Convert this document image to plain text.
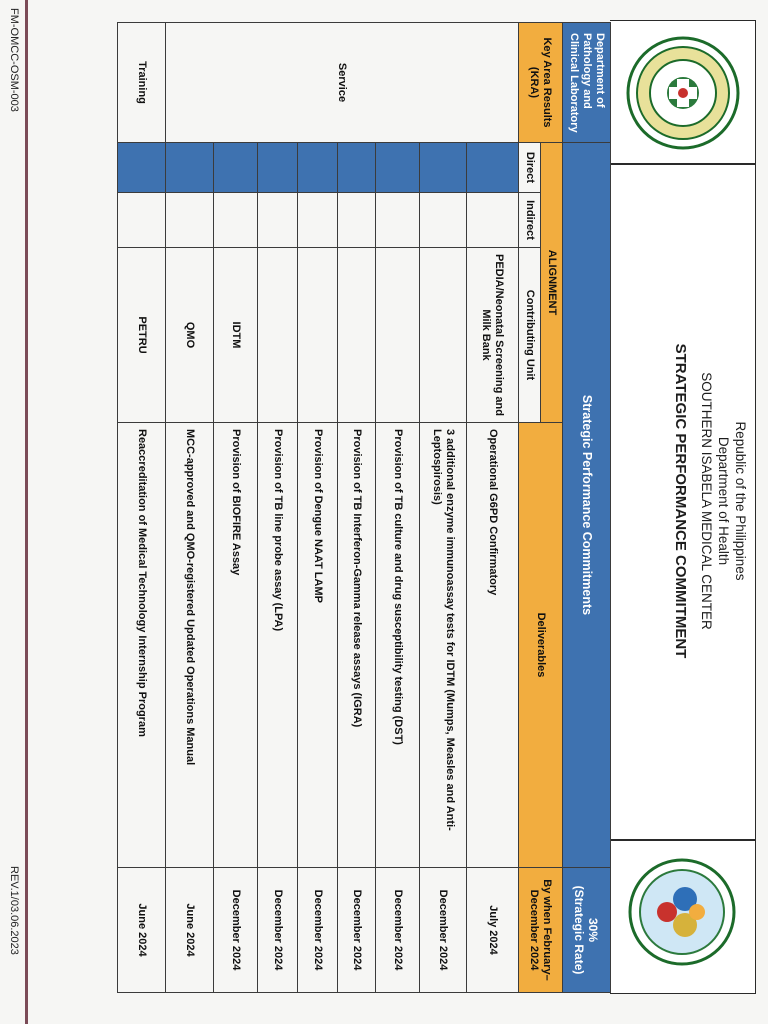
Republic of the Philippines
Department of Health
SOUTHERN ISABELA MEDICAL CENTER
STRATEGIC PERFORMANCE COMMITMENT
Department of Pathology and Clinical Laboratory	Strategic Performance Commitments				30%
(Strategic Rate)

Key Area Results (KRA)	ALIGNMENT			Deliverables	By when February– December 2024
	Direct	Indirect	Contributing Unit		
Service			PEDIA/Neonatal Screening and Milk Bank	Operational G6PD Confirmatory	July 2024
				3 additional enzyme immunoassay tests for IDTM (Mumps, Measles and Anti-Leptospirosis)	December 2024
				Provision of TB culture and drug susceptibility testing (DST)	December 2024
				Provision of TB Interferon-Gamma release assays (IGRA)	December 2024
				Provision of Dengue NAAT LAMP	December 2024
				Provision of TB line probe assay (LPA)	December 2024
			IDTM	Provision of BIOFIRE Assay	December 2024
			QMO	MCC-approved and QMO-registered Updated Operations Manual	June 2024
Training			PETRU	Reaccreditation of Medical Technology Internship Program	June 2024
FM-OMCC-OSM-003
REV.1/03.06.2023
